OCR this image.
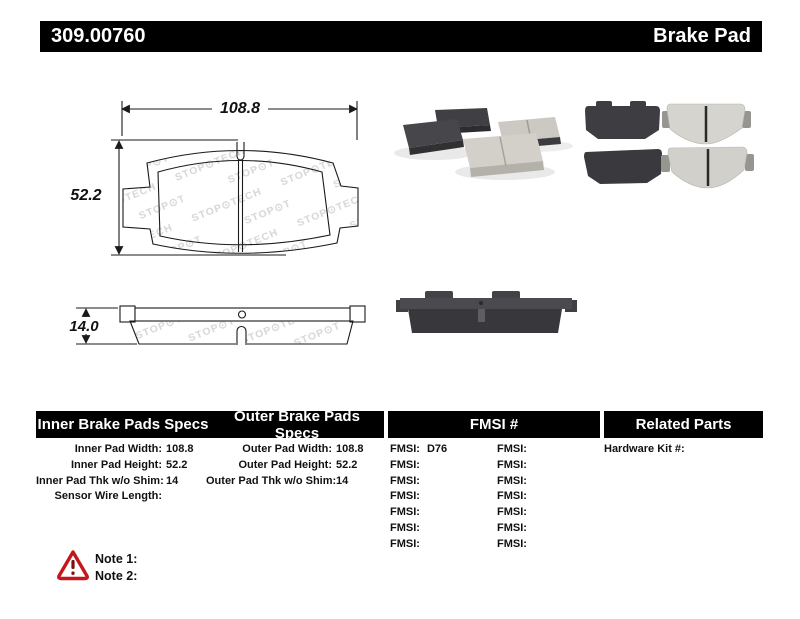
309.00760	Brake Pad
108.8
52.2
14.0
Inner Brake Pads Specs	Outer Brake Pads Specs	FMSI #	Related Parts
Inner Pad Width: 108.8
Inner Pad Height: 52.2
Inner Pad Thk w/o Shim: 14
Sensor Wire Length:
Outer Pad Width: 108.8
Outer Pad Height: 52.2
Outer Pad Thk w/o Shim: 14
FMSI: D76
FMSI:
FMSI:
FMSI:
FMSI:
FMSI:
FMSI:
FMSI:
FMSI:
FMSI:
FMSI:
FMSI:
FMSI:
FMSI:
Hardware Kit #:
Note 1:
Note 2:
